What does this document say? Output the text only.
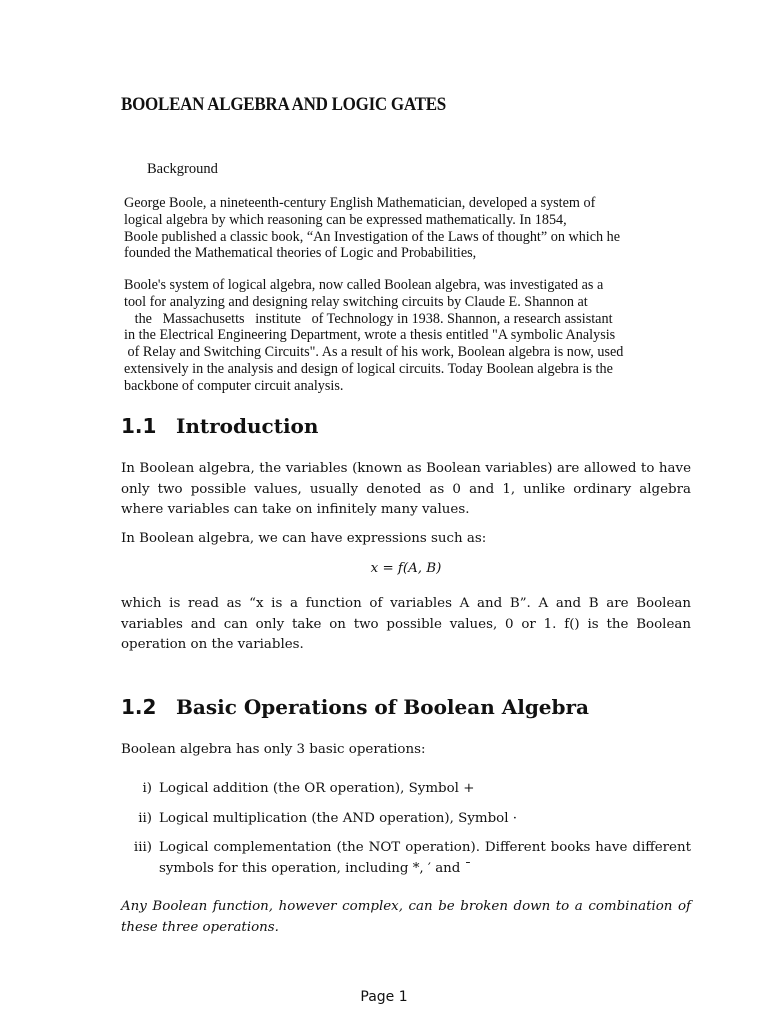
BOOLEAN ALGEBRA AND LOGIC GATES
Background
George Boole, a nineteenth-century English Mathematician, developed a system of
logical algebra by which reasoning can be expressed mathematically. In 1854,
Boole published a classic book, “An Investigation of the Laws of thought” on which he
founded the Mathematical theories of Logic and Probabilities,
Boole's system of logical algebra, now called Boolean algebra, was investigated as a
tool for analyzing and designing relay switching circuits by Claude E. Shannon at
the   Massachusetts   institute   of Technology in 1938. Shannon, a research assistant
in the Electrical Engineering Department, wrote a thesis entitled "A symbolic Analysis
of Relay and Switching Circuits". As a result of his work, Boolean algebra is now, used
extensively in the analysis and design of logical circuits. Today Boolean algebra is the
backbone of computer circuit analysis.
1.1 Introduction
In Boolean algebra, the variables (known as Boolean variables) are allowed to have only two possible values, usually denoted as 0 and 1, unlike ordinary algebra where variables can take on infinitely many values.
In Boolean algebra, we can have expressions such as:
x = f(A, B)
which is read as “x is a function of variables A and B”. A and B are Boolean variables and can only take on two possible values, 0 or 1. f() is the Boolean operation on the variables.
1.2 Basic Operations of Boolean Algebra
Boolean algebra has only 3 basic operations:
i) Logical addition (the OR operation), Symbol +
ii) Logical multiplication (the AND operation), Symbol ·
iii) Logical complementation (the NOT operation). Different books have different symbols for this operation, including *, ′ and ¯
Any Boolean function, however complex, can be broken down to a combination of these three operations.
Page 1
